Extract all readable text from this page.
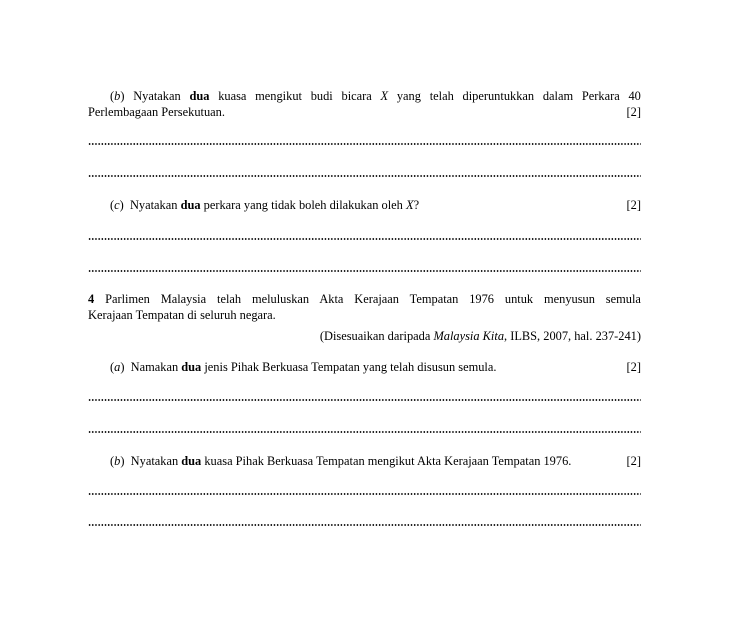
(b) Nyatakan dua kuasa mengikut budi bicara X yang telah diperuntukkan dalam Perkara 40
Perlembagaan Persekutuan.	[2]
(c)  Nyatakan dua perkara yang tidak boleh dilakukan oleh X?	[2]
4 Parlimen Malaysia telah meluluskan Akta Kerajaan Tempatan 1976 untuk menyusun semula
Kerajaan Tempatan di seluruh negara.
(Disesuaikan daripada Malaysia Kita, ILBS, 2007, hal. 237-241)
(a)  Namakan dua jenis Pihak Berkuasa Tempatan yang telah disusun semula.	[2]
(b)  Nyatakan dua kuasa Pihak Berkuasa Tempatan mengikut Akta Kerajaan Tempatan 1976.	[2]
